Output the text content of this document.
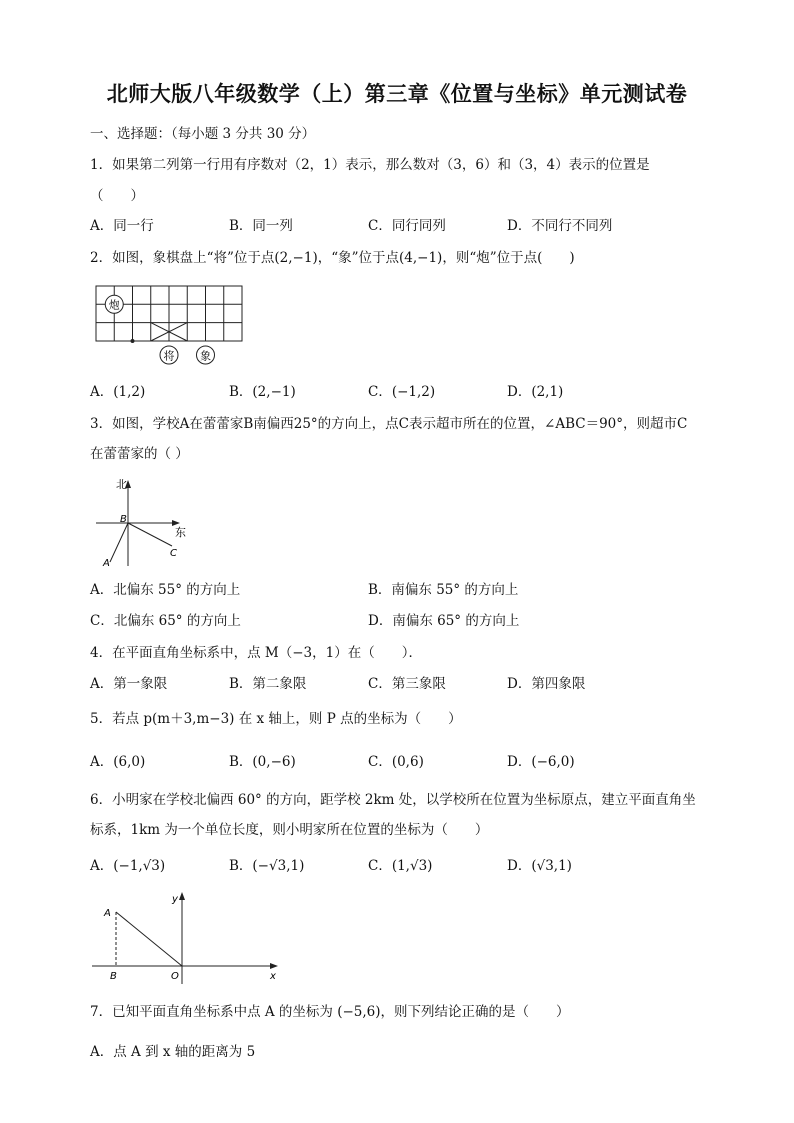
北师大版八年级数学（上）第三章《位置与坐标》单元测试卷
一、选择题：（每小题 3 分共 30 分）
1．如果第二列第一行用有序数对（2，1）表示，那么数对（3，6）和（3，4）表示的位置是
（　　）
A．同一行	B．同一列	C．同行同列	D．不同行不同列
2．如图，象棋盘上“将”位于点(2,−1)，“象”位于点(4,−1)，则“炮”位于点(　　)
炮
将 象
A．(1,2)	B．(2,−1)	C．(−1,2)	D．(2,1)
3．如图，学校A在蕾蕾家B南偏西25°的方向上，点C表示超市所在的位置，∠ABC＝90°，则超市C
在蕾蕾家的（ ）
北
东
B
A
C
A．北偏东 55° 的方向上	B．南偏东 55° 的方向上
C．北偏东 65° 的方向上	D．南偏东 65° 的方向上
4．在平面直角坐标系中，点 M（−3，1）在（　　）．
A．第一象限	B．第二象限	C．第三象限	D．第四象限
5．若点 p(m＋3,m−3) 在 x 轴上，则 P 点的坐标为（　　）
A．(6,0)	B．(0,−6)	C．(0,6)	D．(−6,0)
6．小明家在学校北偏西 60° 的方向，距学校 2km 处，以学校所在位置为坐标原点，建立平面直角坐
标系，1km 为一个单位长度，则小明家所在位置的坐标为（　　）
A．(−1,√3)	B．(−√3,1)	C．(1,√3)	D．(√3,1)
y
A
B	O	x
7．已知平面直角坐标系中点 A 的坐标为 (−5,6)，则下列结论正确的是（　　）
A．点 A 到 x 轴的距离为 5
